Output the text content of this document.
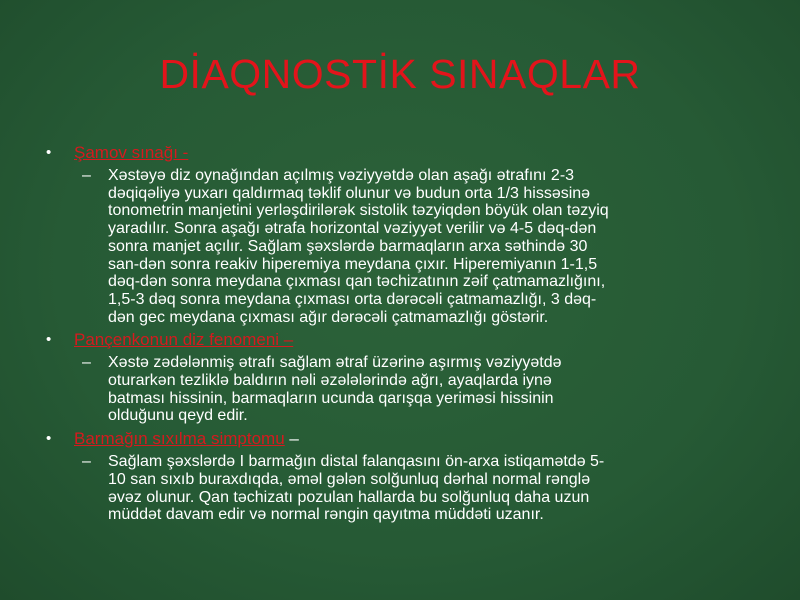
DİAQNOSTİK SINAQLAR
• Şamov sınağı -
– Xəstəyə diz oynağından açılmış vəziyyətdə olan aşağı ətrafını 2-3
dəqiqəliyə yuxarı qaldırmaq təklif olunur və budun orta 1/3 hissəsinə
tonometrin manjetini yerləşdirilərək sistolik təzyiqdən böyük olan təzyiq
yaradılır. Sonra aşağı ətrafa horizontal vəziyyət verilir və 4-5 dəq-dən
sonra manjet açılır. Sağlam şəxslərdə barmaqların arxa səthində 30
san-dən sonra reakiv hiperemiya meydana çıxır. Hiperemiyanın 1-1,5
dəq-dən sonra meydana çıxması qan təchizatının zəif çatmamazlığını,
1,5-3 dəq sonra meydana çıxması orta dərəcəli çatmamazlığı, 3 dəq-
dən gec meydana çıxması ağır dərəcəli çatmamazlığı göstərir.
• Pançenkonun diz fenomeni –
– Xəstə zədələnmiş ətrafı sağlam ətraf üzərinə aşırmış vəziyyətdə
oturarkən tezliklə baldırın nəli əzələlərində ağrı, ayaqlarda iynə
batması hissinin, barmaqların ucunda qarışqa yeriməsi hissinin
olduğunu qeyd edir.
• Barmağın sıxılma simptomu –
– Sağlam şəxslərdə I barmağın distal falanqasını ön-arxa istiqamətdə 5-
10 san sıxıb buraxdıqda, əməl gələn solğunluq dərhal normal rənglə
əvəz olunur. Qan təchizatı pozulan hallarda bu solğunluq daha uzun
müddət davam edir və normal rəngin qayıtma müddəti uzanır.
